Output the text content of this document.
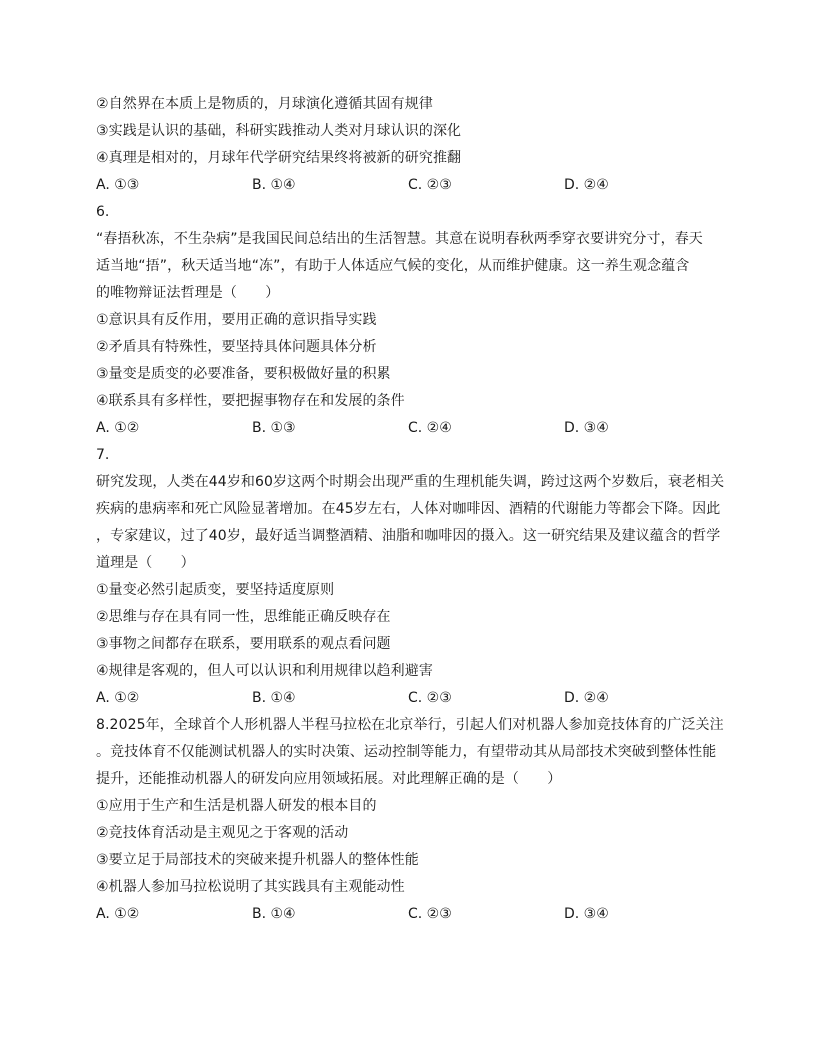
②自然界在本质上是物质的，月球演化遵循其固有规律
③实践是认识的基础，科研实践推动人类对月球认识的深化
④真理是相对的，月球年代学研究结果终将被新的研究推翻
A. ①③	B. ①④	C. ②③	D. ②④
6.
“春捂秋冻，不生杂病”是我国民间总结出的生活智慧。其意在说明春秋两季穿衣要讲究分寸，春天
适当地“捂”，秋天适当地“冻”，有助于人体适应气候的变化，从而维护健康。这一养生观念蕴含
的唯物辩证法哲理是（　　）
①意识具有反作用，要用正确的意识指导实践
②矛盾具有特殊性，要坚持具体问题具体分析
③量变是质变的必要准备，要积极做好量的积累
④联系具有多样性，要把握事物存在和发展的条件
A. ①②	B. ①③	C. ②④	D. ③④
7.
研究发现，人类在44岁和60岁这两个时期会出现严重的生理机能失调，跨过这两个岁数后，衰老相关
疾病的患病率和死亡风险显著增加。在45岁左右，人体对咖啡因、酒精的代谢能力等都会下降。因此
，专家建议，过了40岁，最好适当调整酒精、油脂和咖啡因的摄入。这一研究结果及建议蕴含的哲学
道理是（　　）
①量变必然引起质变，要坚持适度原则
②思维与存在具有同一性，思维能正确反映存在
③事物之间都存在联系，要用联系的观点看问题
④规律是客观的，但人可以认识和利用规律以趋利避害
A. ①②	B. ①④	C. ②③	D. ②④
8.2025年，全球首个人形机器人半程马拉松在北京举行，引起人们对机器人参加竞技体育的广泛关注
。竞技体育不仅能测试机器人的实时决策、运动控制等能力，有望带动其从局部技术突破到整体性能
提升，还能推动机器人的研发向应用领域拓展。对此理解正确的是（　　）
①应用于生产和生活是机器人研发的根本目的
②竞技体育活动是主观见之于客观的活动
③要立足于局部技术的突破来提升机器人的整体性能
④机器人参加马拉松说明了其实践具有主观能动性
A. ①②	B. ①④	C. ②③	D. ③④
